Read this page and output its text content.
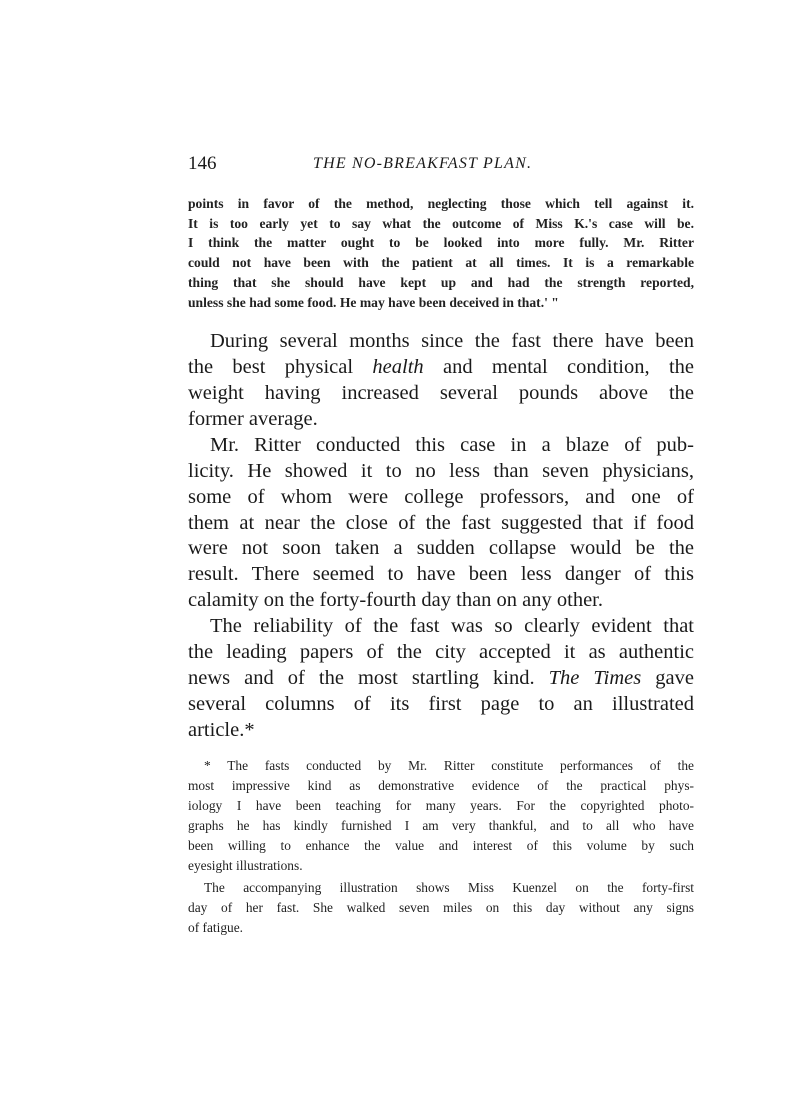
146	THE NO-BREAKFAST PLAN.
points in favor of the method, neglecting those which tell against it.
It is too early yet to say what the outcome of Miss K.'s case will be.
I think the matter ought to be looked into more fully. Mr. Ritter
could not have been with the patient at all times. It is a remarkable
thing that she should have kept up and had the strength reported,
unless she had some food. He may have been deceived in that.' "

During several months since the fast there have been
the best physical health and mental condition, the
weight having increased several pounds above the
former average.

Mr. Ritter conducted this case in a blaze of pub-
licity. He showed it to no less than seven physicians,
some of whom were college professors, and one of
them at near the close of the fast suggested that if food
were not soon taken a sudden collapse would be the
result. There seemed to have been less danger of this
calamity on the forty-fourth day than on any other.

The reliability of the fast was so clearly evident that
the leading papers of the city accepted it as authentic
news and of the most startling kind. The Times gave
several columns of its first page to an illustrated
article.*

* The fasts conducted by Mr. Ritter constitute performances of the
most impressive kind as demonstrative evidence of the practical phys-
iology I have been teaching for many years. For the copyrighted photo-
graphs he has kindly furnished I am very thankful, and to all who have
been willing to enhance the value and interest of this volume by such
eyesight illustrations.

The accompanying illustration shows Miss Kuenzel on the forty-first
day of her fast. She walked seven miles on this day without any signs
of fatigue.
